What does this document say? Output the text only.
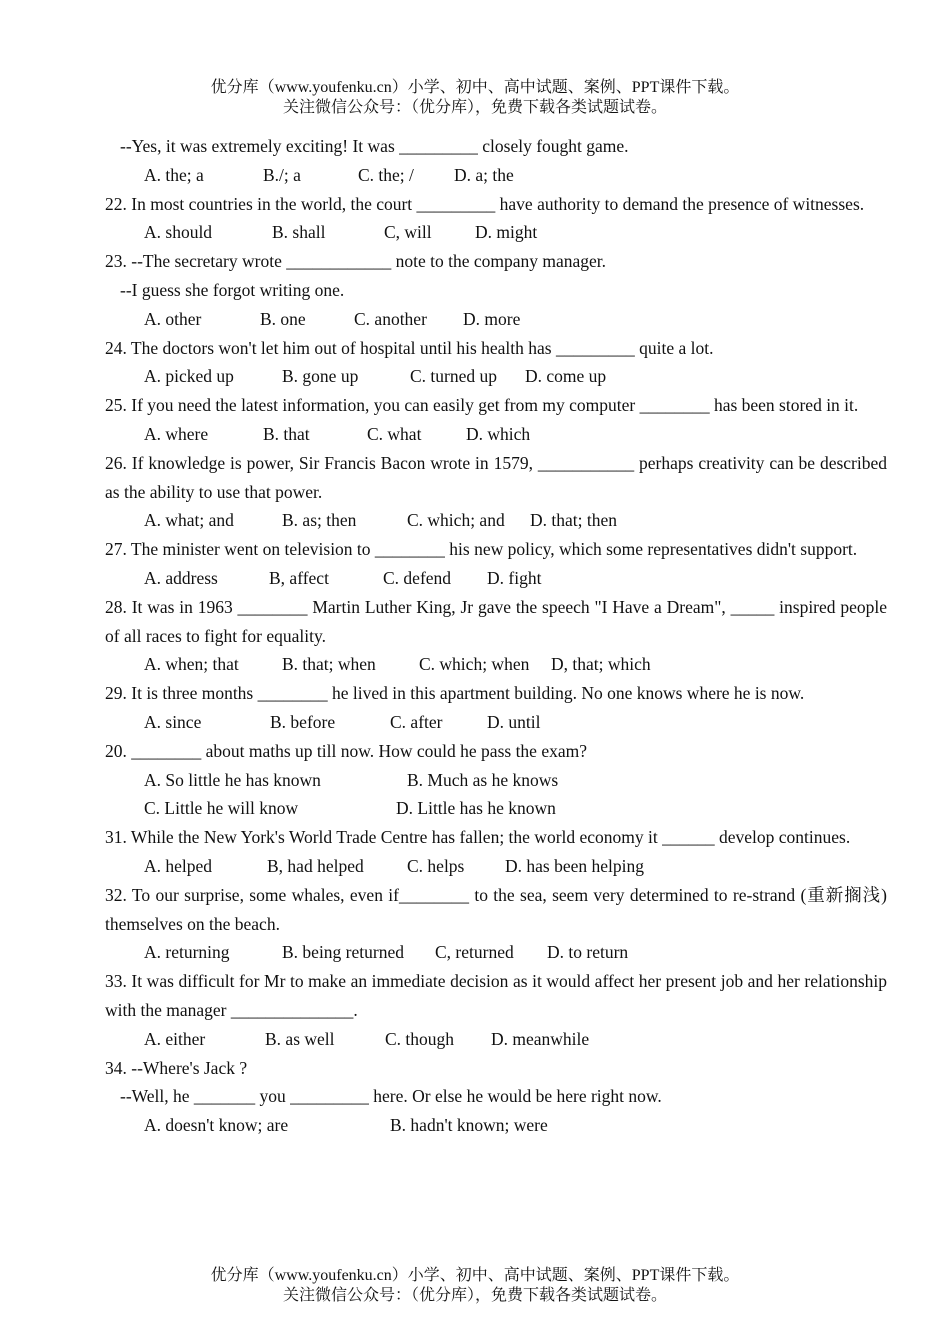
优分库（www.youfenku.cn）小学、初中、高中试题、案例、PPT课件下载。
关注微信公众号：（优分库），免费下载各类试题试卷。
--Yes, it was extremely exciting! It was _________ closely fought game.
A. the; a	B./; a	C. the; / D. a; the
22. In most countries in the world, the court _________ have authority to demand the presence of witnesses.
A. should	B. shall	C, will D. might
23. --The secretary wrote ____________ note to the company manager.
--I guess she forgot writing one.
A. other	B. one	C. another D. more
24. The doctors won't let him out of hospital until his health has _________ quite a lot.
A. picked up	B. gone up	C. turned up D. come up
25. If you need the latest information, you can easily get from my computer ________ has been stored in it.
A. where	B. that	C. what	D. which
26. If knowledge is power, Sir Francis Bacon wrote in 1579, ___________ perhaps creativity can be described as the ability to use that power.
A. what; and	B. as; then	C. which; and D. that; then
27. The minister went on television to ________ his new policy, which some representatives didn't support.
A. address	B, affect	C. defend D. fight
28. It was in 1963 ________ Martin Luther King, Jr gave the speech "I Have a Dream", _____ inspired people of all races to fight for equality.
A. when; that B. that; when C. which; when D, that; which
29. It is three months ________ he lived in this apartment building. No one knows where he is now.
A. since	B. before	C. after	D. until
20. ________ about maths up till now. How could he pass the exam?
A. So little he has known	B. Much as he knows
C. Little he will know	D. Little has he known
31. While the New York's World Trade Centre has fallen; the world economy it ______ develop continues.
A. helped	B, had helped C. helps D. has been helping
32. To our surprise, some whales, even if________ to the sea, seem very determined to re-strand (重新搁浅) themselves on the beach.
A. returning	B. being returned C, returned D. to return
33. It was difficult for Mr to make an immediate decision as it would affect her present job and her relationship with the manager ______________.
A. either	B. as well	C. though D. meanwhile
34. --Where's Jack ?
--Well, he _______ you _________ here. Or else he would be here right now.
A. doesn't know; are	B. hadn't known; were
优分库（www.youfenku.cn）小学、初中、高中试题、案例、PPT课件下载。
关注微信公众号：（优分库），免费下载各类试题试卷。
